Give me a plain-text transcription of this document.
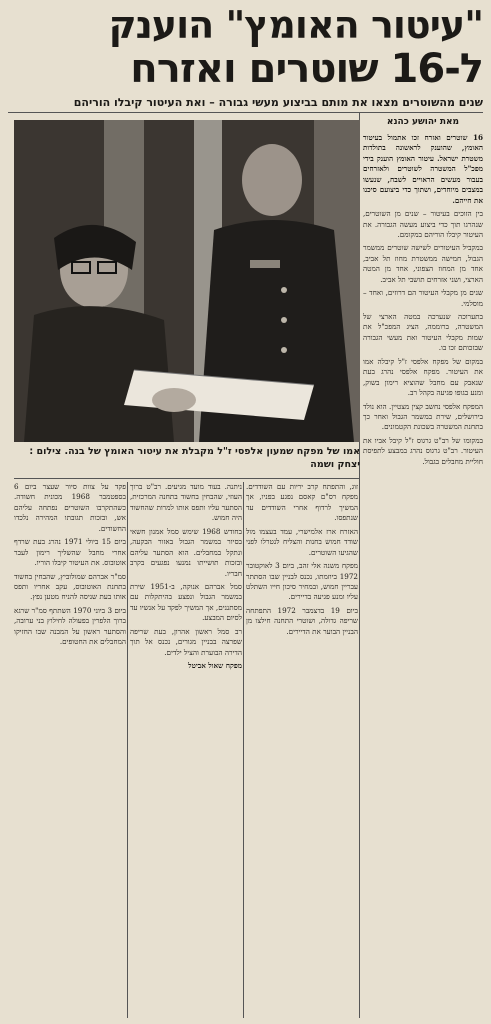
"עיטור האומץ" הוענק
ל-16 שוטרים ואזרח
שנים מהשוטרים מצאו את מותם בביצוע מעשי גבורה – ואת העיטור קיבלו הוריהם
מאת יהושע כהנא

16 שוטרים ואזרח זכו אתמול בעיטור האומץ, שהוענק לראשונה בתולדות משטרת ישראל. עיטור האומץ הוענק בידי מפכ"ל המשטרה לשוטרים ולאזרחים בעבור מעשים הראויים לשבח, שנעשו במצבים מיוחדים, ושתוך כדי ביצועם סיכנו את חייהם.

בין הזוכים בעיטור – שנים מן השוטרים, שנהרגו תוך כדי ביצוע מעשה הגבורה. את העיטור קיבלו הוריהם במקומם.

במקביל העיטורים לשישה שוטרים ממשמר הגבול, חמישה ממשטרת מחוז תל אביב, אחד מן המחוז הצפוני, אחד מן המטה הארצי, ושני אזרחים תושבי תל אביב.

שנים מן מקבלי העיטור הם דרוזים, ואחד – מוסלמי.

בתערוכה שנערכה במטה הארצי של המשטרה, ברוממה, הציג המפכ"ל את שמות מקבלי העיטור ואת מעשי הגבורה שבזכותם זכו בו.

במקום של מפקח אלפסי ז"ל קיבלה אמו את העיטור. מפקח אלפסי נהרג בעת שנאבק עם מחבל שהוציא רימון בשוק, ומנע בגופו פגיעה בקהל רב.

המפקח אלפסי נחשב קצין מצטיין. הוא נולד בירושלים, שירת במשמר הגבול ואחר כך בתחנת המשטרה בשכונת הקטמונים.

במקומו של רב"ט גרגוס ז"ל קיבל אביו את העיטור. רב"ט גרגוס נהרג במבצע לתפיסת חוליית מחבלים בגבול.

אמו של מפקח שמעון אלפסי ז"ל מקבלת את עיטור האומץ של בנה. צילום : יצחק ושמה

זוג, והתפתח קרב יריות עם השודדים. מפקח רס"ם קאסם נפגע בפניו, אך המשיך לרדוף אחרי השודדים עד שנתפסו.

האזרח ארז אלמישרי, עמד בעצמו מול שודד חמוש בחנות והצליח לנטרלו לפני שהגיעו השוטרים.

מפקח משנה אלי זהב, ביום 3 לאוקטובר 1972 ביוזמתו, נכנס לבניין שבו הסתתר עבריין חמוש, ובמחיר סיכון חייו השתלט עליו ומנע פגיעה בדיירים.

ביום 19 בדצמבר 1972 התפתחה שריפה גדולה, ושוטרי התחנה חילצו מן הבניין הבוער את הדיירים.

ניתנה. בעוד מועד מגיעים. רב"ט ברוך העוזי, שהבחין בחשוד בתחנה המרכזית, הסתער עליו ותפס אותו למרות שהחשוד היה חמוש.

בחודש 1968 שימש סמל אמנון חשאי בסיור במשמר הגבול באזור הבקעה, ונתקל במחבלים. הוא הסתער עליהם ובזכות תושייתו נמנעו נפגעים בקרב חבריו.

סמל אברהם אנוקה, ב-1951 שירת במשמר הגבול ונפצע בהיתקלות עם מסתננים, אך המשיך לפקד על אנשיו עד לסיום המבצע.

רב סמל ראשון אהרון, בעת שריפה שפרצה בבניין מגורים, נכנס אל תוך הדירה הבוערת והציל ילדים.

מפקח שאול אביטל

פקד על צוות סיור שעצר ביום 6 בספטמבר 1968 מכונית חשודה. כשהתקרבו השוטרים נפתחה עליהם אש, ובזכות תגובתו המהירה נלכדו החשודים.

ביום 15 ביולי 1971 נהרג בעת שרדף אחרי מחבל שהשליך רימון לעבר אוטובוס. את העיטור קיבלו הוריו.

סמ"ר אברהם שמולוביץ, שהבחין בחשוד בתחנת האוטובוס, עקב אחריו ותפס אותו בעת שניסה להניח מטען נפץ.

ביום 3 ביוני 1970 השתתף סמ"ר שרגא ברוך הלפרין בפעולה לחילוץ בני ערובה, והסתער ראשון על המבנה שבו החזיקו המחבלים את החטופים.
